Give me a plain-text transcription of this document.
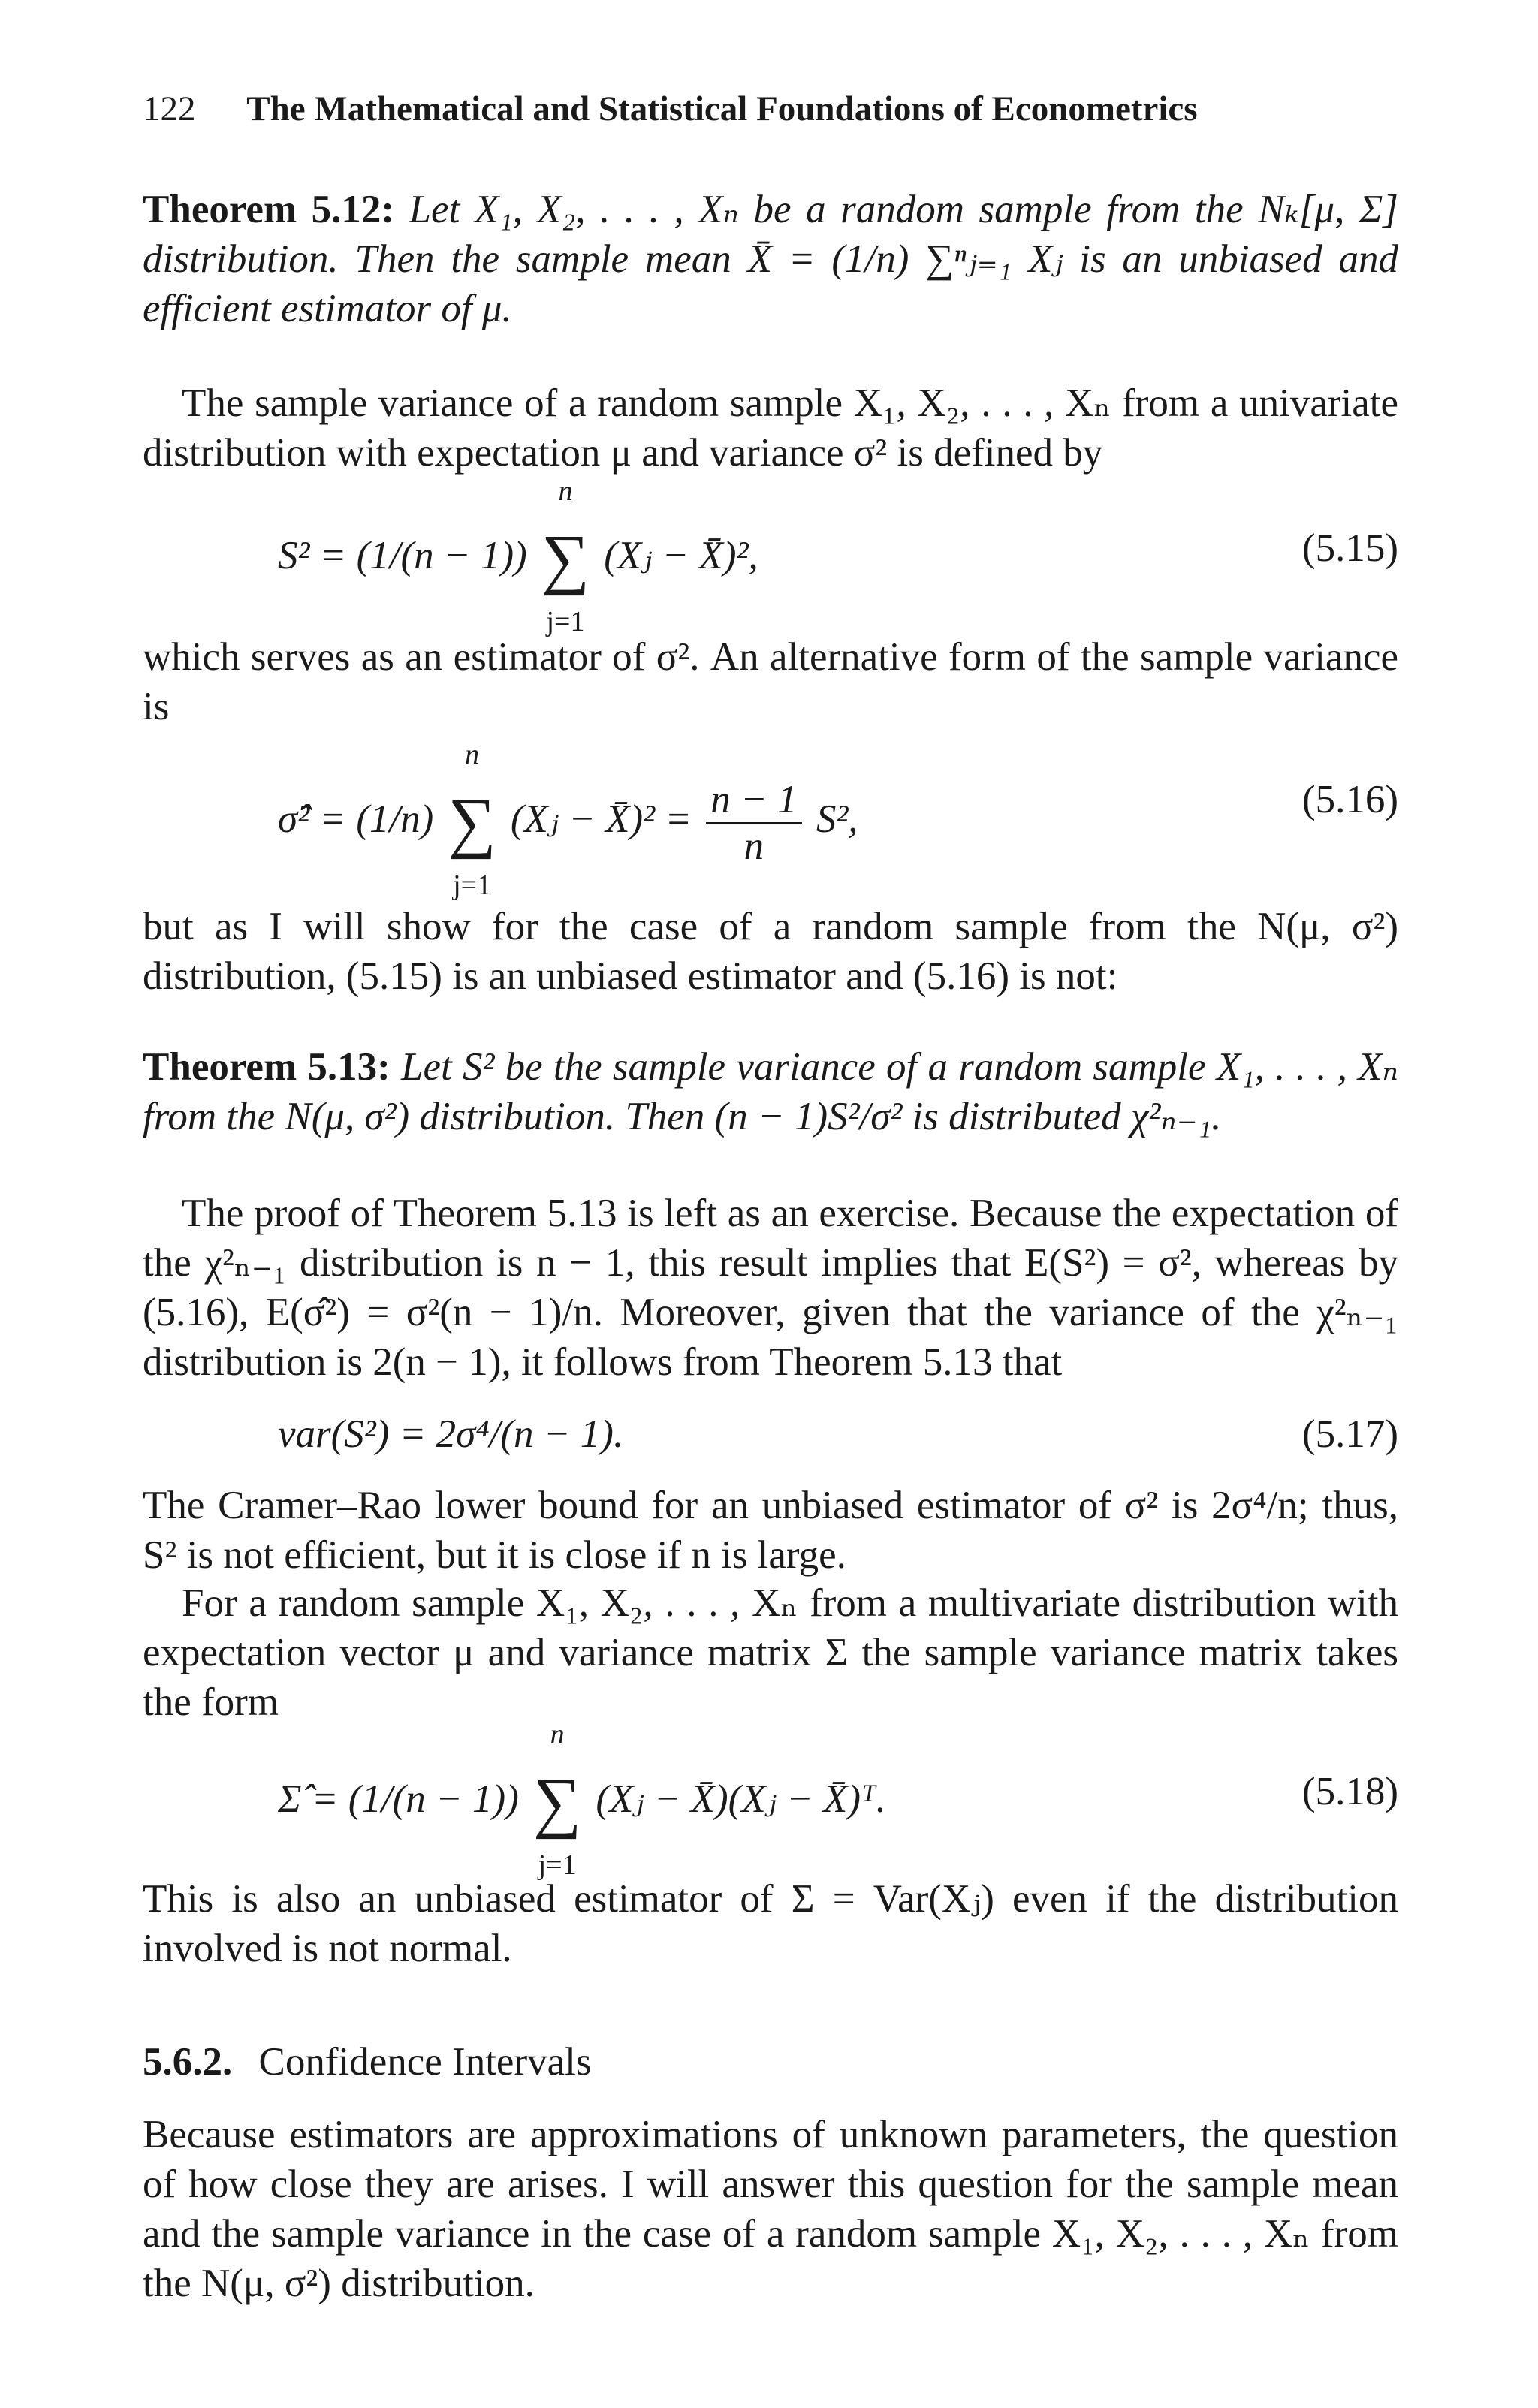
122 The Mathematical and Statistical Foundations of Econometrics
Theorem 5.12: Let X₁, X₂, . . . , Xₙ be a random sample from the Nₖ[μ, Σ] distribution. Then the sample mean X̄ = (1/n) ∑ⁿⱼ₌₁ Xⱼ is an unbiased and efficient estimator of μ.
The sample variance of a random sample X₁, X₂, . . . , Xₙ from a univariate distribution with expectation μ and variance σ² is defined by
S² = (1/(n − 1))
n
∑
j=1
(Xⱼ − X̄)²,	(5.15)
which serves as an estimator of σ². An alternative form of the sample variance is
σ̂² = (1/n)
n
∑
j=1
(Xⱼ − X̄)² = $\frac{n - 1}{n} S^2$,	(5.16)
but as I will show for the case of a random sample from the N(μ, σ²) distribution, (5.15) is an unbiased estimator and (5.16) is not:
Theorem 5.13: Let S² be the sample variance of a random sample X₁, . . . , Xₙ from the N(μ, σ²) distribution. Then (n − 1)S²/σ² is distributed χ²ₙ₋₁.
The proof of Theorem 5.13 is left as an exercise. Because the expectation of the χ²ₙ₋₁ distribution is n − 1, this result implies that E(S²) = σ², whereas by (5.16), E(σ̂²) = σ²(n − 1)/n. Moreover, given that the variance of the χ²ₙ₋₁ distribution is 2(n − 1), it follows from Theorem 5.13 that
var(S²) = 2σ⁴/(n − 1).	(5.17)
The Cramer–Rao lower bound for an unbiased estimator of σ² is 2σ⁴/n; thus, S² is not efficient, but it is close if n is large.
For a random sample X₁, X₂, . . . , Xₙ from a multivariate distribution with expectation vector μ and variance matrix Σ the sample variance matrix takes the form
Σ̂ = (1/(n − 1))
n
∑
j=1
(Xⱼ − X̄)(Xⱼ − X̄)ᵀ.	(5.18)
This is also an unbiased estimator of Σ = Var(Xⱼ) even if the distribution involved is not normal.
5.6.2. Confidence Intervals
Because estimators are approximations of unknown parameters, the question of how close they are arises. I will answer this question for the sample mean and the sample variance in the case of a random sample X₁, X₂, . . . , Xₙ from the N(μ, σ²) distribution.
